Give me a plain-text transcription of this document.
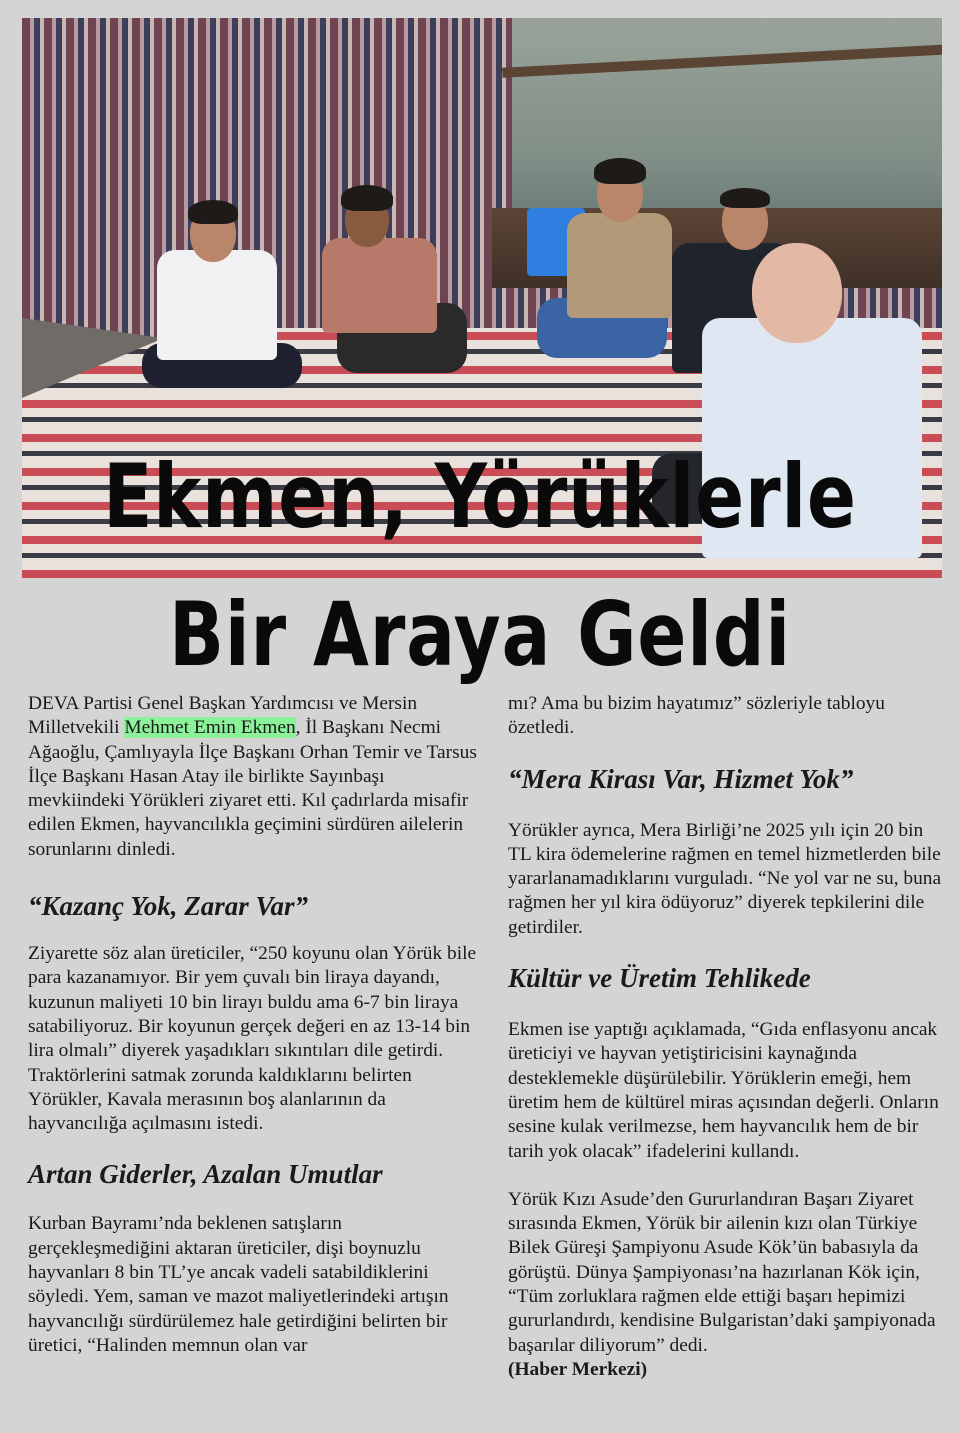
Ekmen, Yörüklerle
Bir Araya Geldi

DEVA Partisi Genel Başkan Yardımcısı ve Mersin Milletvekili Mehmet Emin Ekmen, İl Başkanı Necmi Ağaoğlu, Çamlıyayla İlçe Başkanı Orhan Temir ve Tarsus İlçe Başkanı Hasan Atay ile birlikte Sayınbaşı mevkiindeki Yörükleri ziyaret etti. Kıl çadırlarda misafir edilen Ekmen, hayvancılıkla geçimini sürdüren ailelerin sorunlarını dinledi.

“Kazanç Yok, Zarar Var”

Ziyarette söz alan üreticiler, “250 koyunu olan Yörük bile para kazanamıyor. Bir yem çuvalı bin liraya dayandı, kuzunun maliyeti 10 bin lirayı buldu ama 6-7 bin liraya satabiliyoruz. Bir koyunun gerçek değeri en az 13-14 bin lira olmalı” diyerek yaşadıkları sıkıntıları dile getirdi. Traktörlerini satmak zorunda kaldıklarını belirten Yörükler, Kavala merasının boş alanlarının da hayvancılığa açılmasını istedi.

Artan Giderler, Azalan Umutlar

Kurban Bayramı’nda beklenen satışların gerçekleşmediğini aktaran üreticiler, dişi boynuzlu hayvanları 8 bin TL’ye ancak vadeli satabildiklerini söyledi. Yem, saman ve mazot maliyetlerindeki artışın hayvancılığı sürdürülemez hale getirdiğini belirten bir üretici, “Halinden memnun olan var

mı? Ama bu bizim hayatımız” sözleriyle tabloyu özetledi.

“Mera Kirası Var, Hizmet Yok”

Yörükler ayrıca, Mera Birliği’ne 2025 yılı için 20 bin TL kira ödemelerine rağmen en temel hizmetlerden bile yararlanamadıklarını vurguladı. “Ne yol var ne su, buna rağmen her yıl kira ödüyoruz” diyerek tepkilerini dile getirdiler.

Kültür ve Üretim Tehlikede

Ekmen ise yaptığı açıklamada, “Gıda enflasyonu ancak üreticiyi ve hayvan yetiştiricisini kaynağında desteklemekle düşürülebilir. Yörüklerin emeği, hem üretim hem de kültürel miras açısından değerli. Onların sesine kulak verilmezse, hem hayvancılık hem de bir tarih yok olacak” ifadelerini kullandı.

Yörük Kızı Asude’den Gururlandıran Başarı Ziyaret sırasında Ekmen, Yörük bir ailenin kızı olan Türkiye Bilek Güreşi Şampiyonu Asude Kök’ün babasıyla da görüştü. Dünya Şampiyonası’na hazırlanan Kök için, “Tüm zorluklara rağmen elde ettiği başarı hepimizi gururlandırdı, kendisine Bulgaristan’daki şampiyonada başarılar diliyorum” dedi.

(Haber Merkezi)
